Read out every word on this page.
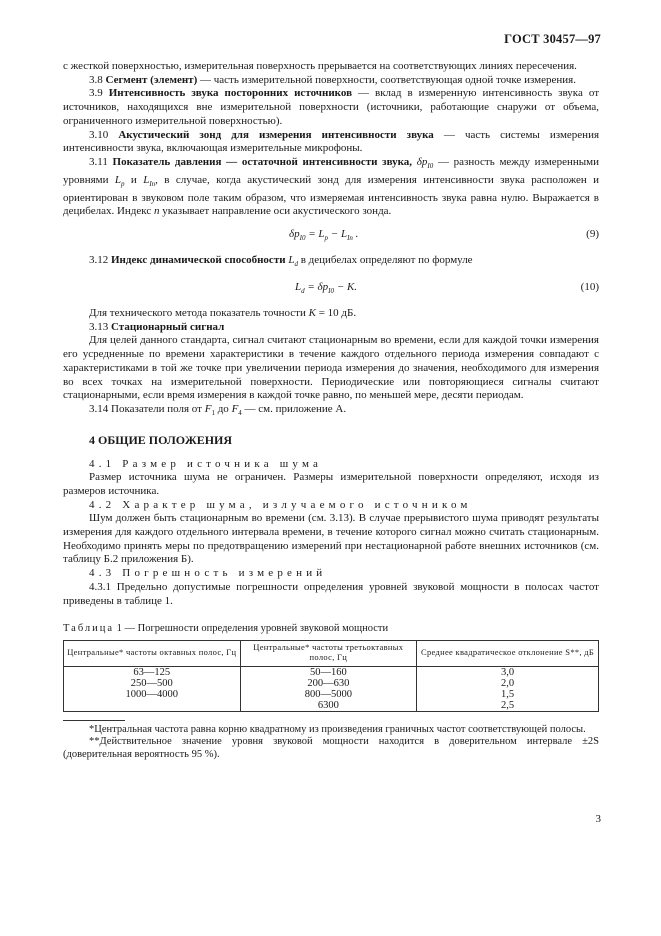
ГОСТ 30457—97

с жесткой поверхностью, измерительная поверхность прерывается на соответствующих линиях пересечения.

3.8 Сегмент (элемент) — часть измерительной поверхности, соответствующая одной точке измерения.

3.9 Интенсивность звука посторонних источников — вклад в измеренную интенсивность звука от источников, находящихся вне измерительной поверхности (источники, работающие снаружи от объема, ограниченного измерительной поверхностью).

3.10 Акустический зонд для измерения интенсивности звука — часть системы измерения интенсивности звука, включающая измерительные микрофоны.

3.11 Показатель давления — остаточной интенсивности звука, $\delta p_{I0}$ — разность между измеренными уровнями $L_p$ и $L_{In}$, в случае, когда акустический зонд для измерения интенсивности звука расположен и ориентирован в звуковом поле таким образом, что измеряемая интенсивность звука равна нулю. Выражается в децибелах. Индекс n указывает направление оси акустического зонда.

$\delta p_{I0} = L_p - L_{In}$ .	(9)

3.12 Индекс динамической способности $L_d$ в децибелах определяют по формуле

$L_d = \delta p_{I0} - K$.	(10)

Для технического метода показатель точности K = 10 дБ.

3.13 Стационарный сигнал

Для целей данного стандарта, сигнал считают стационарным во времени, если для каждой точки измерения его усредненные по времени характеристики в течение каждого отдельного периода измерения совпадают с характеристиками в той же точке при увеличении периода измерения до значения, необходимого для измерения во всех точках на измерительной поверхности. Периодические или повторяющиеся сигналы считают стационарными, если время измерения в каждой точке равно, по меньшей мере, десяти периодам.

3.14 Показатели поля от $F_1$ до $F_4$ — см. приложение А.

4 ОБЩИЕ ПОЛОЖЕНИЯ

4.1 Размер источника шума

Размер источника шума не ограничен. Размеры измерительной поверхности определяют, исходя из размеров источника.

4.2 Характер шума, излучаемого источником

Шум должен быть стационарным во времени (см. 3.13). В случае прерывистого шума приводят результаты измерения для каждого отдельного интервала времени, в течение которого сигнал можно считать стационарным. Необходимо принять меры по предотвращению измерений при нестационарной работе внешних источников (см. таблицу Б.2 приложения Б).

4.3 Погрешность измерений

4.3.1 Предельно допустимые погрешности определения уровней звуковой мощности в полосах частот приведены в таблице 1.

Таблица 1 — Погрешности определения уровней звуковой мощности

Центральные* частоты октавных полос, Гц	Центральные* частоты третьоктавных полос, Гц	Среднее квадратическое отклонение S**, дБ
63—125	50—160	3,0
250—500	200—630	2,0
1000—4000	800—5000	1,5
	6300	2,5

*Центральная частота равна корню квадратному из произведения граничных частот соответствующей полосы.

**Действительное значение уровня звуковой мощности находится в доверительном интервале ±2S (доверительная вероятность 95 %).

3
